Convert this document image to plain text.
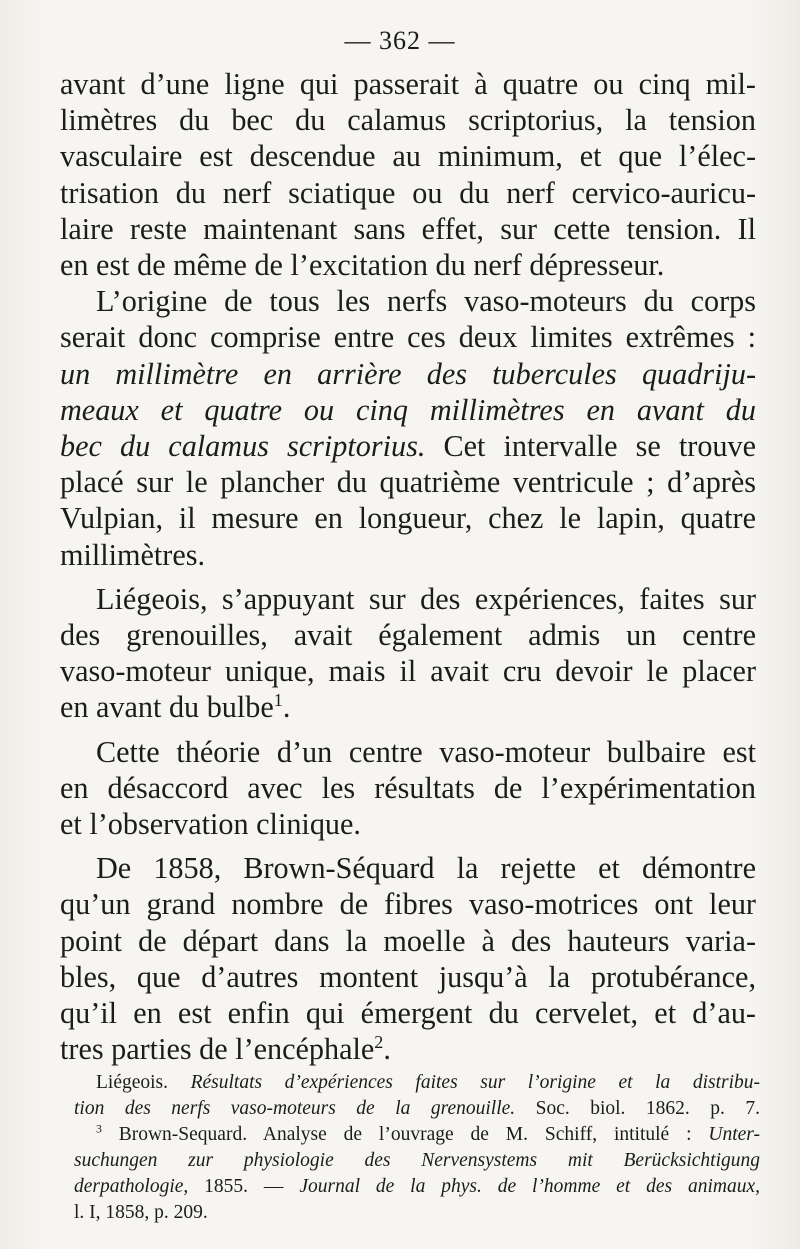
— 362 —

avant d’une ligne qui passerait à quatre ou cinq mil-
limètres du bec du calamus scriptorius, la tension
vasculaire est descendue au minimum, et que l’élec-
trisation du nerf sciatique ou du nerf cervico-auricu-
laire reste maintenant sans effet, sur cette tension. Il
en est de même de l’excitation du nerf dépresseur.

L’origine de tous les nerfs vaso-moteurs du corps
serait donc comprise entre ces deux limites extrêmes :
un millimètre en arrière des tubercules quadriju-
meaux et quatre ou cinq millimètres en avant du
bec du calamus scriptorius. Cet intervalle se trouve
placé sur le plancher du quatrième ventricule ; d’après
Vulpian, il mesure en longueur, chez le lapin, quatre
millimètres.

Liégeois, s’appuyant sur des expériences, faites sur
des grenouilles, avait également admis un centre
vaso-moteur unique, mais il avait cru devoir le placer
en avant du bulbe$^1$.

Cette théorie d’un centre vaso-moteur bulbaire est
en désaccord avec les résultats de l’expérimentation
et l’observation clinique.

De 1858, Brown-Séquard la rejette et démontre
qu’un grand nombre de fibres vaso-motrices ont leur
point de départ dans la moelle à des hauteurs varia-
bles, que d’autres montent jusqu’à la protubérance,
qu’il en est enfin qui émergent du cervelet, et d’au-
tres parties de l’encéphale$^2$.

Liégeois. Résultats d’expériences faites sur l’origine et la distribu-
tion des nerfs vaso-moteurs de la grenouille. Soc. biol. 1862. p. 7.
$^3$ Brown-Sequard. Analyse de l’ouvrage de M. Schiff, intitulé : Unter-
suchungen zur physiologie des Nervensystems mit Berücksichtigung
derpathologie, 1855. — Journal de la phys. de l’homme et des animaux,
l. I, 1858, p. 209.
